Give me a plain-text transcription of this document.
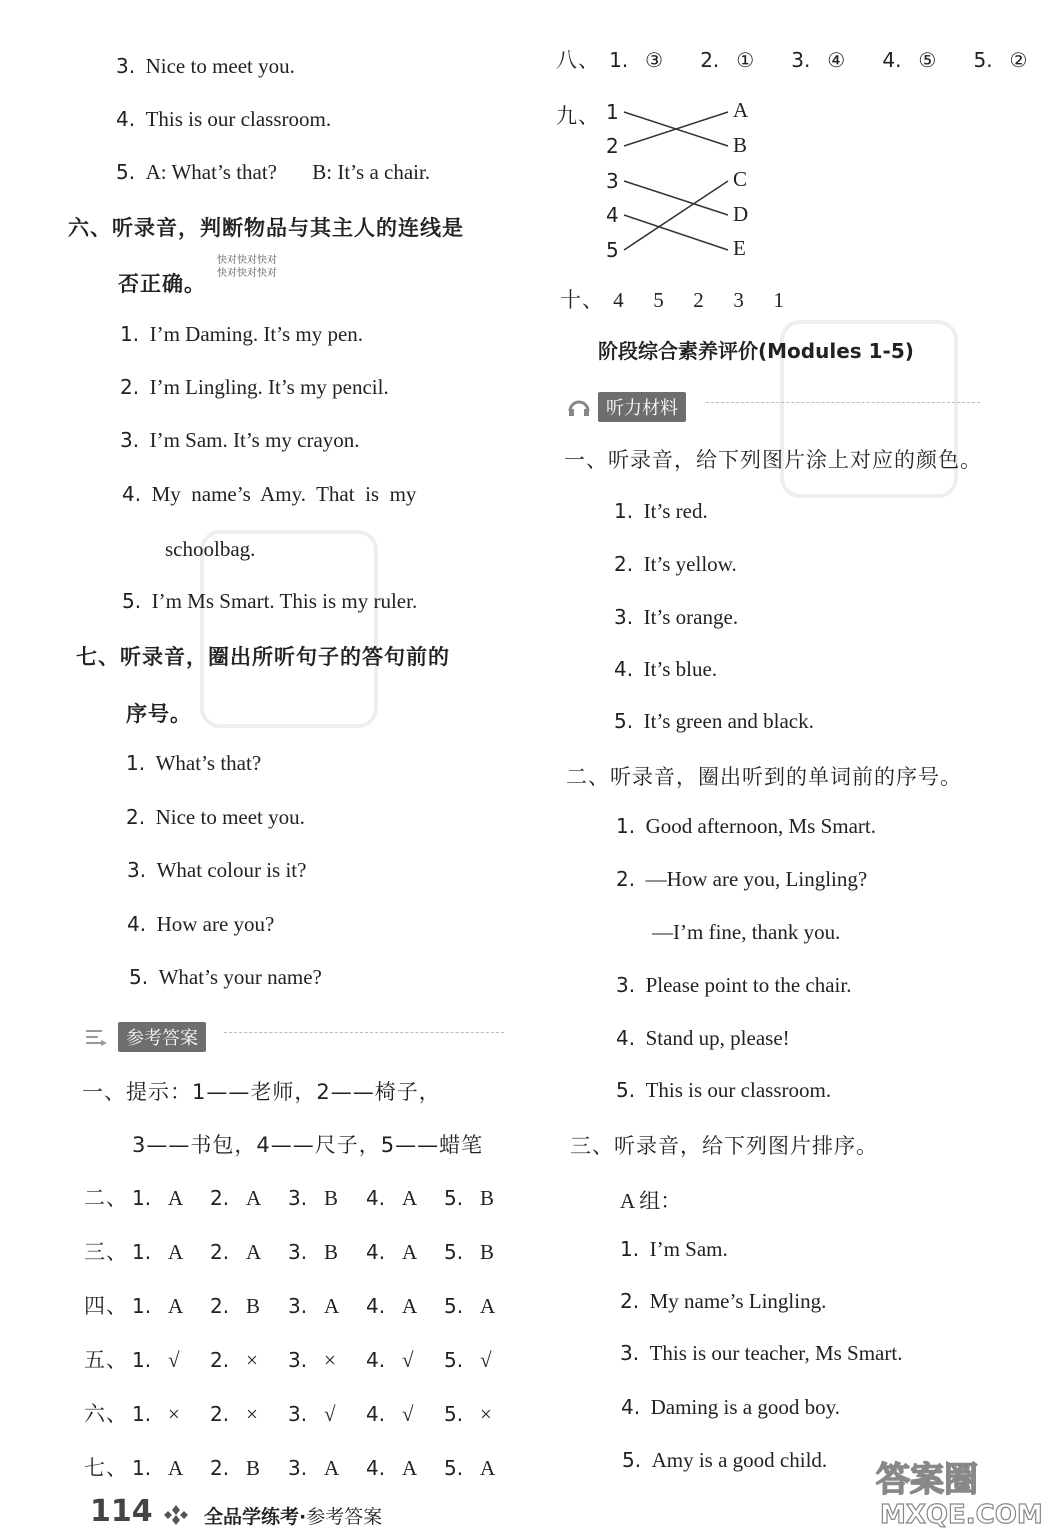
3. Nice to meet you.
4. This is our classroom.
5. A: What’s that? B: It’s a chair.
六、听录音，判断物品与其主人的连线是
快对快对快对
快对快对快对
否正确。
1. I’m Daming. It’s my pen.
2. I’m Lingling. It’s my pencil.
3. I’m Sam. It’s my crayon.
4. My  name’s  Amy.  That  is  my
schoolbag.
5. I’m Ms Smart. This is my ruler.
七、听录音，圈出所听句子的答句前的
序号。
1. What’s that?
2. Nice to meet you.
3. What colour is it?
4. How are you?
5. What’s your name?
参考答案
一、提示：1——老师，2——椅子，
3——书包，4——尺子，5——蜡笔
二、 1. A 2. A 3. B 4. A 5. B
三、 1. A 2. A 3. B 4. A 5. B
四、 1. A 2. B 3. A 4. A 5. A
五、 1. √ 2. × 3. × 4. √ 5. √
六、 1. × 2. × 3. √ 4. √ 5. ×
七、 1. A 2. B 3. A 4. A 5. A
八、 1. ③ 2. ① 3. ④ 4. ⑤ 5. ②
九、 1
2
3
4
5
A
B
C
D
E
十、 4 5 2 3 1
阶段综合素养评价(Modules 1-5)
听力材料
一、听录音，给下列图片涂上对应的颜色。
1. It’s red.
2. It’s yellow.
3. It’s orange.
4. It’s blue.
5. It’s green and black.
二、听录音，圈出听到的单词前的序号。
1. Good afternoon, Ms Smart.
2. —How are you, Lingling?
—I’m fine, thank you.
3. Please point to the chair.
4. Stand up, please!
5. This is our classroom.
三、听录音，给下列图片排序。
A 组：
1. I’m Sam.
2. My name’s Lingling.
3. This is our teacher, Ms Smart.
4. Daming is a good boy.
5. Amy is a good child.
114	全品学练考·参考答案
答案圈
MXQE.COM
